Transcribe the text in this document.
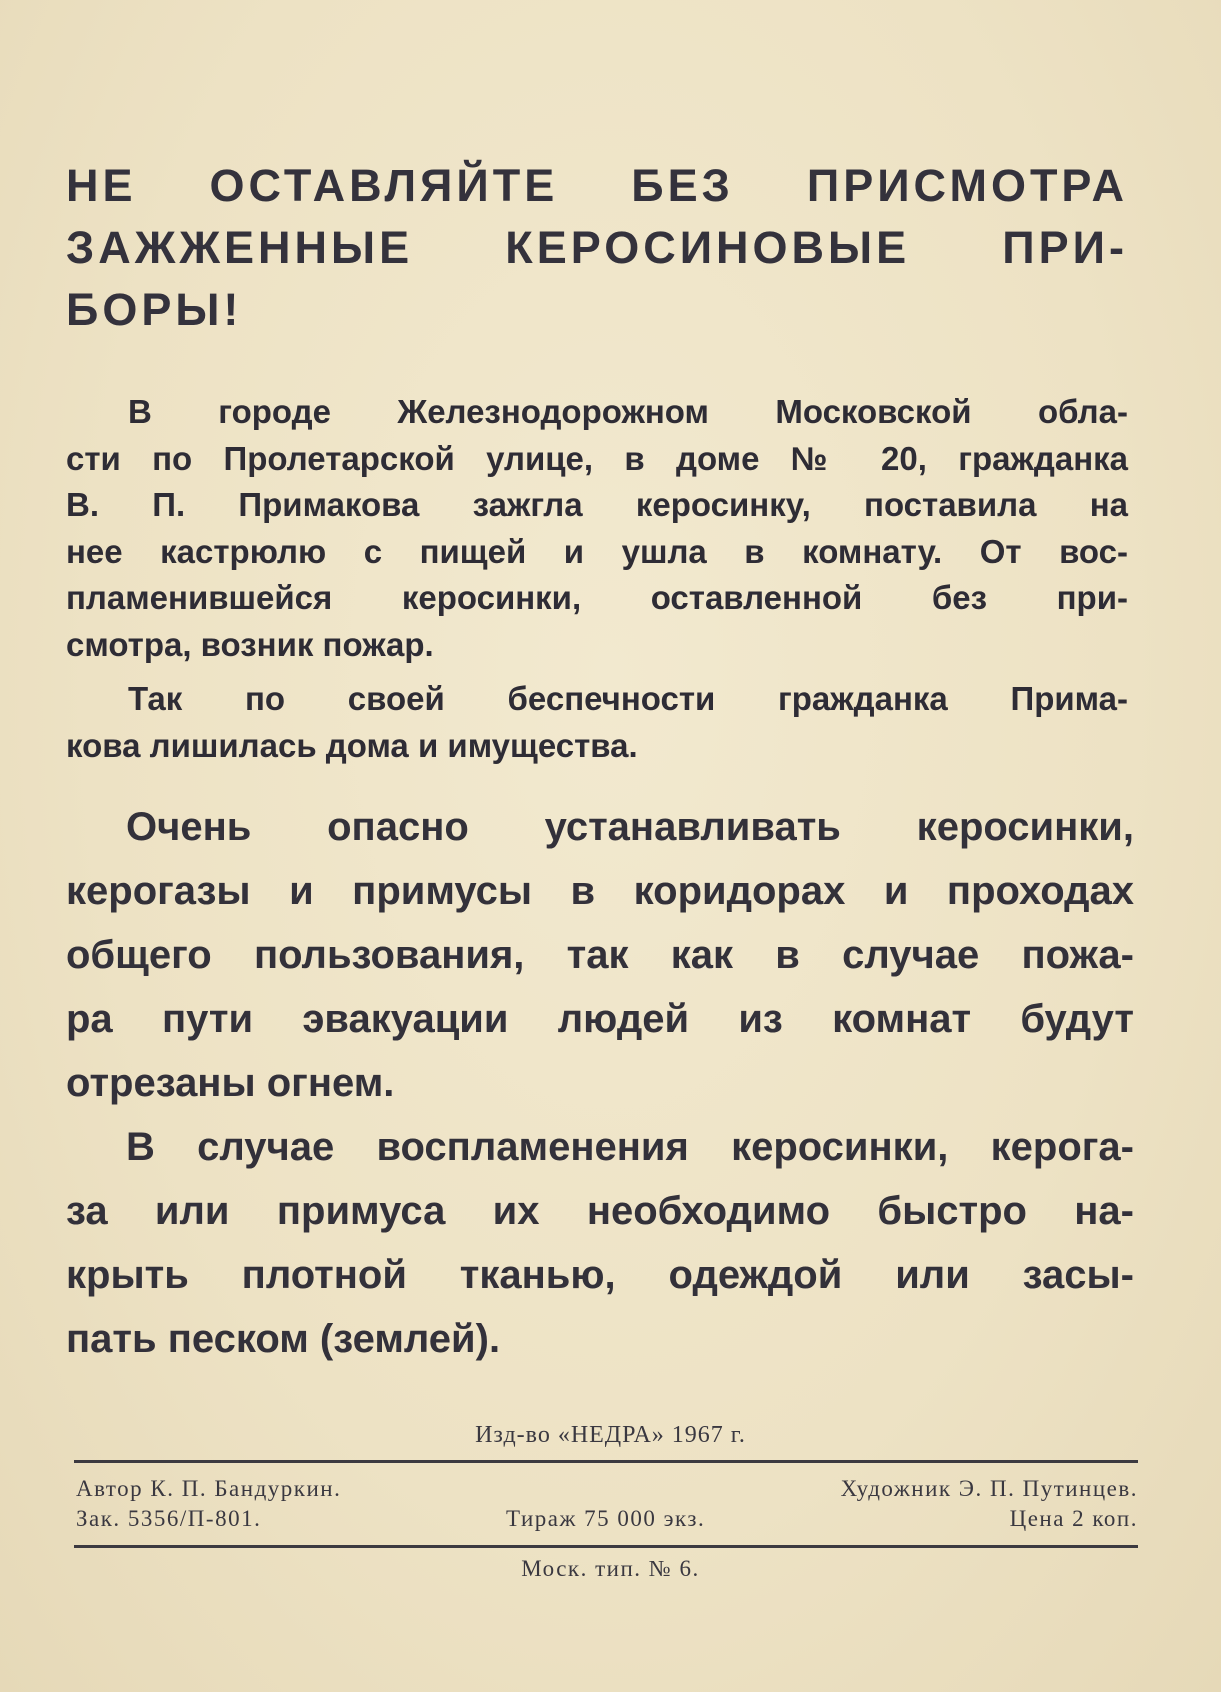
НЕ ОСТАВЛЯЙТЕ БЕЗ ПРИСМОТРА
ЗАЖЖЕННЫЕ КЕРОСИНОВЫЕ ПРИ-
БОРЫ!

В городе Железнодорожном Московской обла-
сти по Пролетарской улице, в доме № 20, гражданка
В. П. Примакова зажгла керосинку, поставила на
нее кастрюлю с пищей и ушла в комнату. От вос-
пламенившейся керосинки, оставленной без при-
смотра, возник пожар.

Так по своей беспечности гражданка Прима-
кова лишилась дома и имущества.

Очень опасно устанавливать керосинки,
керогазы и примусы в коридорах и проходах
общего пользования, так как в случае пожа-
ра пути эвакуации людей из комнат будут
отрезаны огнем.

В случае воспламенения керосинки, керога-
за или примуса их необходимо быстро на-
крыть плотной тканью, одеждой или засы-
пать песком (землей).

Изд-во «НЕДРА» 1967 г.
Автор К. П. Бандуркин.
Зак. 5356/П-801.	Тираж 75 000 экз.
Художник Э. П. Путинцев.
Цена 2 коп.
Моск. тип. № 6.
